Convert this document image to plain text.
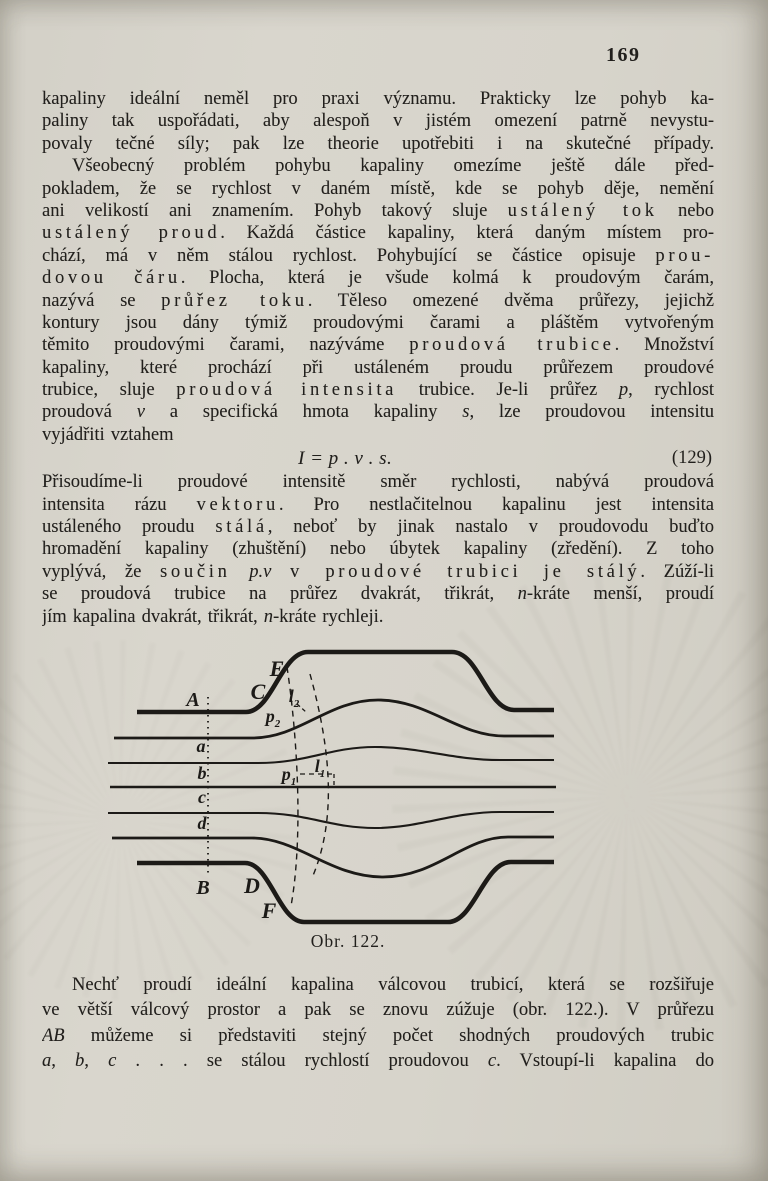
169
kapaliny ideální neměl pro praxi významu. Prakticky lze pohyb ka-
paliny tak uspořádati, aby alespoň v jistém omezení patrně nevystu-
povaly tečné síly; pak lze theorie upotřebiti i na skutečné případy.
Všeobecný problém pohybu kapaliny omezíme ještě dále před-
pokladem, že se rychlost v daném místě, kde se pohyb děje, nemění
ani velikostí ani znamením. Pohyb takový sluje ustálený tok nebo
ustálený proud. Každá částice kapaliny, která daným místem pro-
chází, má v něm stálou rychlost. Pohybující se částice opisuje prou-
dovou čáru. Plocha, která je všude kolmá k proudovým čarám,
nazývá se průřez toku. Těleso omezené dvěma průřezy, jejichž
kontury jsou dány týmiž proudovými čarami a pláštěm vytvořeným
těmito proudovými čarami, nazýváme proudová trubice. Množství
kapaliny, které prochází při ustáleném proudu průřezem proudové
trubice, sluje proudová intensita trubice. Je-li průřez p, rychlost
proudová v a specifická hmota kapaliny s, lze proudovou intensitu
vyjádřiti vztahem
I = p . v . s.	(129)
Přisoudíme-li proudové intensitě směr rychlosti, nabývá proudová
intensita rázu vektoru. Pro nestlačitelnou kapalinu jest intensita
ustáleného proudu stálá, neboť by jinak nastalo v proudovodu buďto
hromadění kapaliny (zhuštění) nebo úbytek kapaliny (zředění). Z toho
vyplývá, že součin p.v v proudové trubici je stálý. Zúží-li
se proudová trubice na průřez dvakrát, třikrát, n-kráte menší, proudí
jím kapalina dvakrát, třikrát, n-kráte rychleji.
Nechť proudí ideální kapalina válcovou trubicí, která se rozšiřuje
ve větší válcový prostor a pak se znovu zúžuje (obr. 122.). V průřezu
AB můžeme si představiti stejný počet shodných proudových trubic
a, b, c . . . se stálou rychlostí proudovou c. Vstoupí-li kapalina do
A
B
E
C
D
F
a
b
c
d
$l_2$
$p_2$
$p_1$
$l_1$
Obr. 122.
